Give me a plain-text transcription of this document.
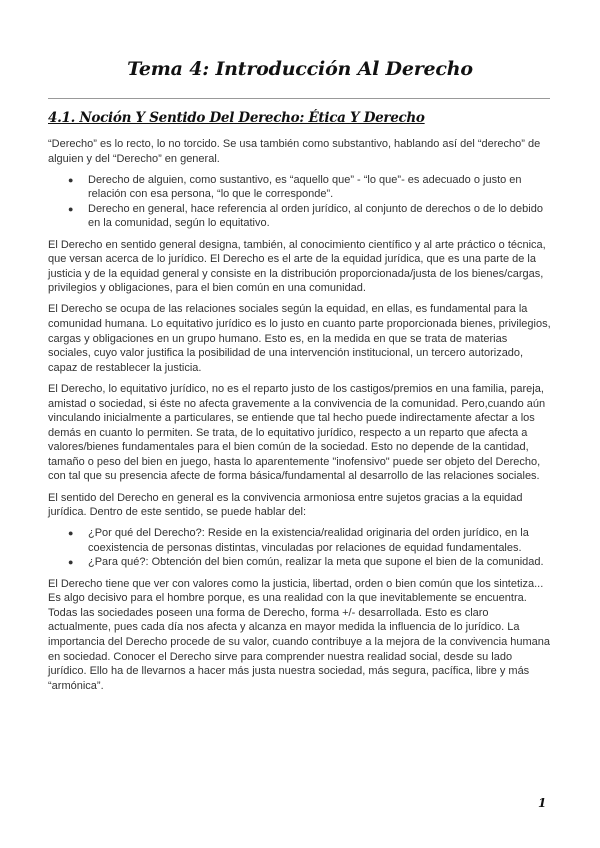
Tema 4: Introducción Al Derecho
4.1. Noción Y Sentido Del Derecho: Ética Y Derecho

“Derecho” es lo recto, lo no torcido. Se usa también como substantivo, hablando así del “derecho” de alguien y del “Derecho” en general.

● Derecho de alguien, como sustantivo, es “aquello que” - “lo que”- es adecuado o justo en relación con esa persona, “lo que le corresponde”.
● Derecho en general, hace referencia al orden jurídico, al conjunto de derechos o de lo debido en la comunidad, según lo equitativo.

El Derecho en sentido general designa, también, al conocimiento científico y al arte práctico o técnica, que versan acerca de lo jurídico. El Derecho es el arte de la equidad jurídica, que es una parte de la justicia y de la equidad general y consiste en la distribución proporcionada/justa de los bienes/cargas, privilegios y obligaciones, para el bien común en una comunidad.

El Derecho se ocupa de las relaciones sociales según la equidad, en ellas, es fundamental para la comunidad humana. Lo equitativo jurídico es lo justo en cuanto parte proporcionada bienes, privilegios, cargas y obligaciones en un grupo humano. Esto es, en la medida en que se trata de materias sociales, cuyo valor justifica la posibilidad de una intervención institucional, un tercero autorizado, capaz de restablecer la justicia.

El Derecho, lo equitativo jurídico, no es el reparto justo de los castigos/premios en una familia, pareja, amistad o sociedad, si éste no afecta gravemente a la convivencia de la comunidad. Pero,cuando aún vinculando inicialmente a particulares, se entiende que tal hecho puede indirectamente afectar a los demás en cuanto lo permiten. Se trata, de lo equitativo jurídico, respecto a un reparto que afecta a valores/bienes fundamentales para el bien común de la sociedad. Esto no depende de la cantidad, tamaño o peso del bien en juego, hasta lo aparentemente "inofensivo" puede ser objeto del Derecho, con tal que su presencia afecte de forma básica/fundamental al desarrollo de las relaciones sociales.

El sentido del Derecho en general es la convivencia armoniosa entre sujetos gracias a la equidad jurídica. Dentro de este sentido, se puede hablar del:

● ¿Por qué del Derecho?: Reside en la existencia/realidad originaria del orden jurídico, en la coexistencia de personas distintas, vinculadas por relaciones de equidad fundamentales.
● ¿Para qué?: Obtención del bien común, realizar la meta que supone el bien de la comunidad.

El Derecho tiene que ver con valores como la justicia, libertad, orden o bien común que los sintetiza... Es algo decisivo para el hombre porque, es una realidad con la que inevitablemente se encuentra. Todas las sociedades poseen una forma de Derecho, forma +/- desarrollada. Esto es claro actualmente, pues cada día nos afecta y alcanza en mayor medida la influencia de lo jurídico. La importancia del Derecho procede de su valor, cuando contribuye a la mejora de la convivencia humana en sociedad. Conocer el Derecho sirve para comprender nuestra realidad social, desde su lado jurídico. Ello ha de llevarnos a hacer más justa nuestra sociedad, más segura, pacífica, libre y más “armónica”.

1
